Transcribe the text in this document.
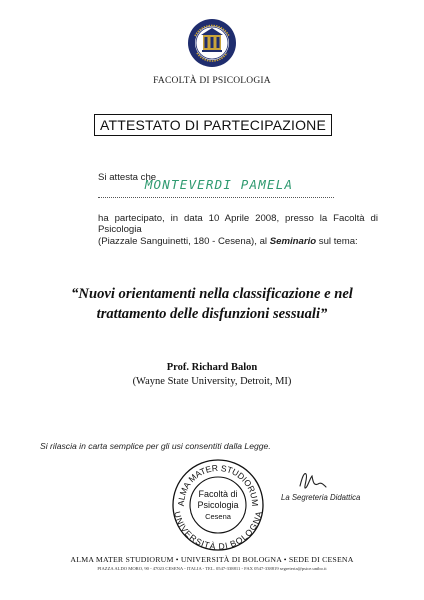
FACOLTÀ DI PSICOLOGIA
ATTESTATO DI PARTECIPAZIONE
Si attesta che
MONTEVERDI PAMELA
ha partecipato, in data 10 Aprile 2008, presso la Facoltà di Psicologia
(Piazzale Sanguinetti, 180 - Cesena), al Seminario sul tema:
“Nuovi orientamenti nella classificazione e nel
trattamento delle disfunzioni sessuali”
Prof. Richard Balon
(Wayne State University, Detroit, MI)
Si rilascia in carta semplice per gli usi consentiti dalla Legge.
ALMA MATER STUDIORUM
UNIVERSITÀ DI BOLOGNA
Facoltà di
Psicologia
Cesena
La Segreteria Didattica
ALMA MATER STUDIORUM • UNIVERSITÀ DI BOLOGNA • SEDE DI CESENA
PIAZZA ALDO MORO, 90 - 47023 CESENA - ITALIA - TEL. 0547-338811 - FAX 0547-338819 segreteria@psice.unibo.it
